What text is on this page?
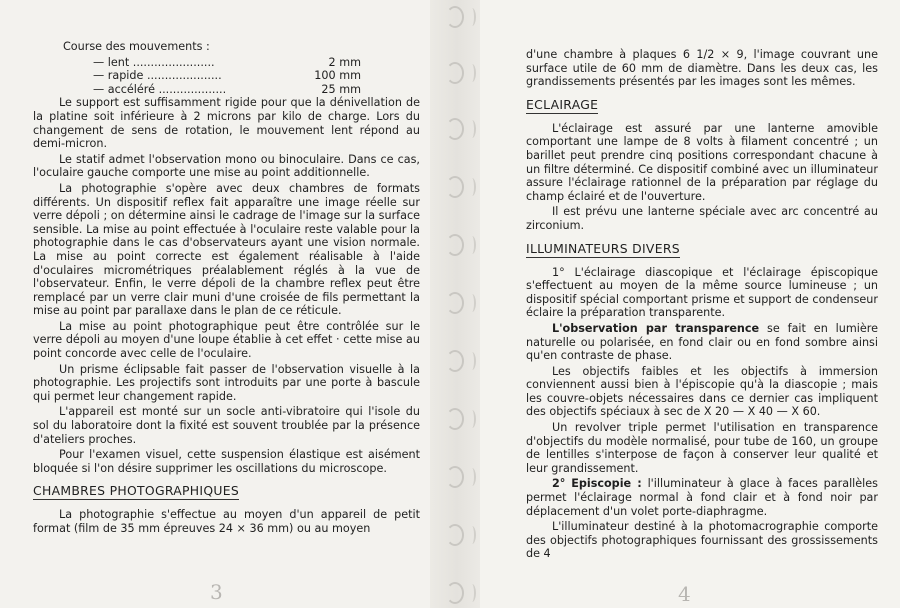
Course des mouvements :

— lent .......................	2 mm
— rapide .....................	100 mm
— accéléré ...................	25 mm

Le support est suffisamment rigide pour que la dénivellation de la platine soit inférieure à 2 microns par kilo de charge. Lors du changement de sens de rotation, le mouvement lent répond au demi-micron.

Le statif admet l'observation mono ou binoculaire. Dans ce cas, l'oculaire gauche comporte une mise au point additionnelle.

La photographie s'opère avec deux chambres de formats différents. Un dispositif reflex fait apparaître une image réelle sur verre dépoli ; on détermine ainsi le cadrage de l'image sur la surface sensible. La mise au point effectuée à l'oculaire reste valable pour la photographie dans le cas d'observateurs ayant une vision normale. La mise au point correcte est également réalisable à l'aide d'oculaires micrométriques préalablement réglés à la vue de l'observateur. Enfin, le verre dépoli de la chambre reflex peut être remplacé par un verre clair muni d'une croisée de fils permettant la mise au point par parallaxe dans le plan de ce réticule.

La mise au point photographique peut être contrôlée sur le verre dépoli au moyen d'une loupe établie à cet effet · cette mise au point concorde avec celle de l'oculaire.

Un prisme éclipsable fait passer de l'observation visuelle à la photographie. Les projectifs sont introduits par une porte à bascule qui permet leur changement rapide.

L'appareil est monté sur un socle anti-vibratoire qui l'isole du sol du laboratoire dont la fixité est souvent troublée par la présence d'ateliers proches.

Pour l'examen visuel, cette suspension élastique est aisément bloquée si l'on désire supprimer les oscillations du microscope.

CHAMBRES PHOTOGRAPHIQUES

La photographie s'effectue au moyen d'un appareil de petit format (film de 35 mm épreuves 24 × 36 mm) ou au moyen

3

d'une chambre à plaques 6 1/2 × 9, l'image couvrant une surface utile de 60 mm de diamètre. Dans les deux cas, les grandissements présentés par les images sont les mêmes.

ECLAIRAGE

L'éclairage est assuré par une lanterne amovible comportant une lampe de 8 volts à filament concentré ; un barillet peut prendre cinq positions correspondant chacune à un filtre déterminé. Ce dispositif combiné avec un illuminateur assure l'éclairage rationnel de la préparation par réglage du champ éclairé et de l'ouverture.

Il est prévu une lanterne spéciale avec arc concentré au zirconium.

ILLUMINATEURS DIVERS

1° L'éclairage diascopique et l'éclairage épiscopique s'effectuent au moyen de la même source lumineuse ; un dispositif spécial comportant prisme et support de condenseur éclaire la préparation transparente.

L'observation par transparence se fait en lumière naturelle ou polarisée, en fond clair ou en fond sombre ainsi qu'en contraste de phase.

Les objectifs faibles et les objectifs à immersion conviennent aussi bien à l'épiscopie qu'à la diascopie ; mais les couvre-objets nécessaires dans ce dernier cas impliquent des objectifs spéciaux à sec de X 20 — X 40 — X 60.

Un revolver triple permet l'utilisation en transparence d'objectifs du modèle normalisé, pour tube de 160, un groupe de lentilles s'interpose de façon à conserver leur qualité et leur grandissement.

2° Episcopie : l'illuminateur à glace à faces parallèles permet l'éclairage normal à fond clair et à fond noir par déplacement d'un volet porte-diaphragme.

L'illuminateur destiné à la photomacrographie comporte des objectifs photographiques fournissant des grossissements de 4

4
